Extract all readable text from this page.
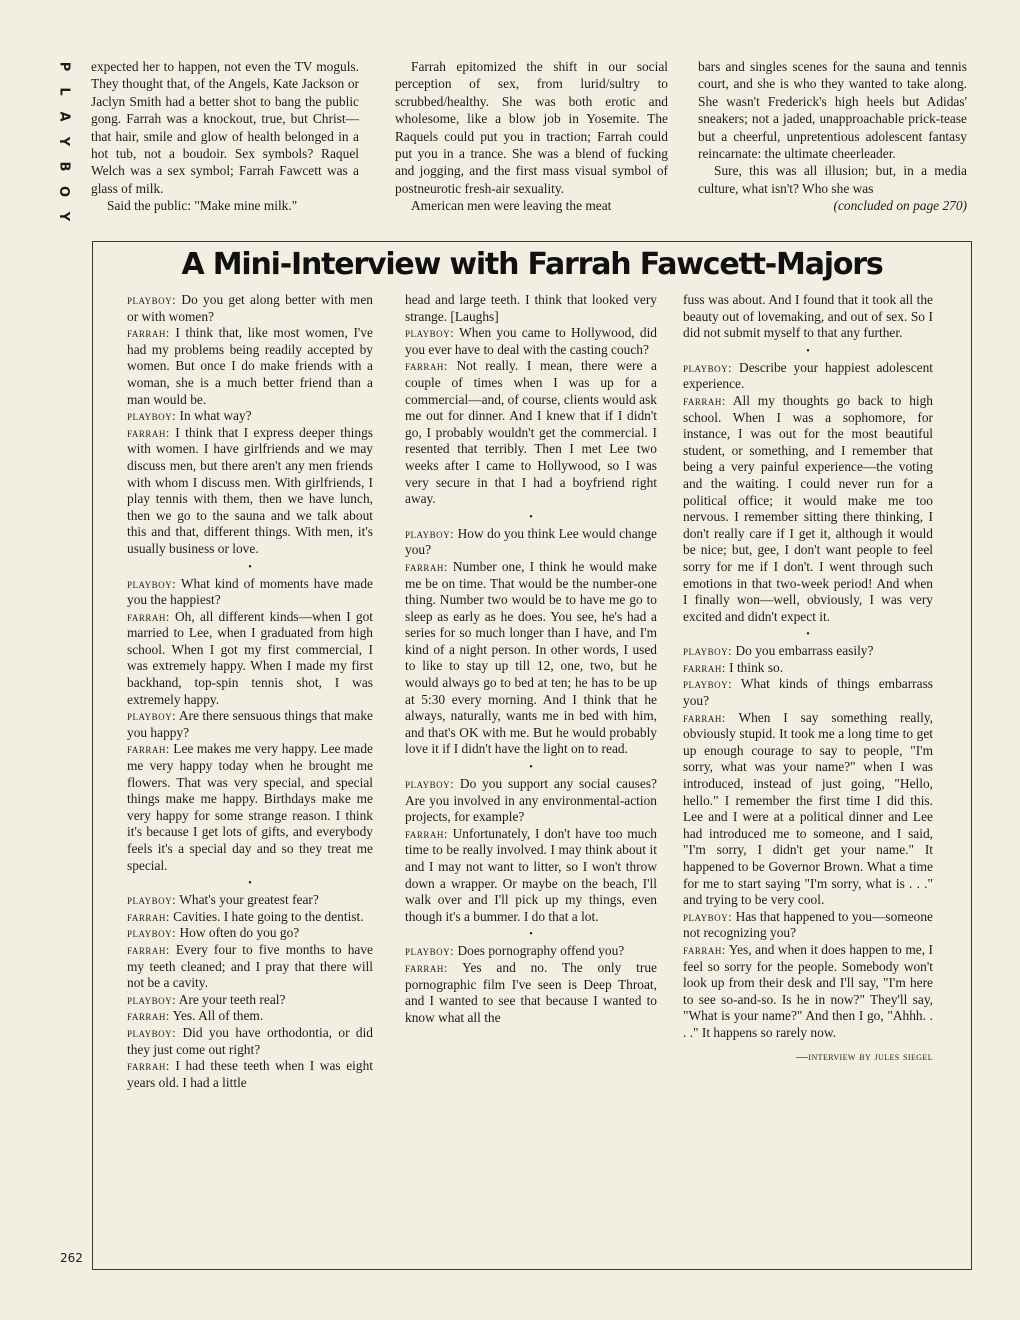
P
L
A
Y
B
O
Y

expected her to happen, not even the TV moguls. They thought that, of the Angels, Kate Jackson or Jaclyn Smith had a better shot to bang the public gong. Farrah was a knockout, true, but Christ—that hair, smile and glow of health belonged in a hot tub, not a boudoir. Sex symbols? Raquel Welch was a sex symbol; Farrah Fawcett was a glass of milk.

Said the public: "Make mine milk."

Farrah epitomized the shift in our social perception of sex, from lurid/sultry to scrubbed/healthy. She was both erotic and wholesome, like a blow job in Yosemite. The Raquels could put you in traction; Farrah could put you in a trance. She was a blend of fucking and jogging, and the first mass visual symbol of postneurotic fresh-air sexuality.

American men were leaving the meat

bars and singles scenes for the sauna and tennis court, and she is who they wanted to take along. She wasn't Frederick's high heels but Adidas' sneakers; not a jaded, unapproachable prick-tease but a cheerful, unpretentious adolescent fantasy reincarnate: the ultimate cheerleader.

Sure, this was all illusion; but, in a media culture, what isn't? Who she was

(concluded on page 270)

A Mini-Interview with Farrah Fawcett-Majors

playboy: Do you get along better with men or with women?

farrah: I think that, like most women, I've had my problems being readily accepted by women. But once I do make friends with a woman, she is a much better friend than a man would be.

playboy: In what way?

farrah: I think that I express deeper things with women. I have girlfriends and we may discuss men, but there aren't any men friends with whom I discuss men. With girlfriends, I play tennis with them, then we have lunch, then we go to the sauna and we talk about this and that, different things. With men, it's usually business or love.

•

playboy: What kind of moments have made you the happiest?

farrah: Oh, all different kinds—when I got married to Lee, when I graduated from high school. When I got my first commercial, I was extremely happy. When I made my first backhand, top-spin tennis shot, I was extremely happy.

playboy: Are there sensuous things that make you happy?

farrah: Lee makes me very happy. Lee made me very happy today when he brought me flowers. That was very special, and special things make me happy. Birthdays make me very happy for some strange reason. I think it's because I get lots of gifts, and everybody feels it's a special day and so they treat me special.

•

playboy: What's your greatest fear?

farrah: Cavities. I hate going to the dentist.

playboy: How often do you go?

farrah: Every four to five months to have my teeth cleaned; and I pray that there will not be a cavity.

playboy: Are your teeth real?

farrah: Yes. All of them.

playboy: Did you have orthodontia, or did they just come out right?

farrah: I had these teeth when I was eight years old. I had a little

head and large teeth. I think that looked very strange. [Laughs]

playboy: When you came to Hollywood, did you ever have to deal with the casting couch?

farrah: Not really. I mean, there were a couple of times when I was up for a commercial—and, of course, clients would ask me out for dinner. And I knew that if I didn't go, I probably wouldn't get the commercial. I resented that terribly. Then I met Lee two weeks after I came to Hollywood, so I was very secure in that I had a boyfriend right away.

•

playboy: How do you think Lee would change you?

farrah: Number one, I think he would make me be on time. That would be the number-one thing. Number two would be to have me go to sleep as early as he does. You see, he's had a series for so much longer than I have, and I'm kind of a night person. In other words, I used to like to stay up till 12, one, two, but he would always go to bed at ten; he has to be up at 5:30 every morning. And I think that he always, naturally, wants me in bed with him, and that's OK with me. But he would probably love it if I didn't have the light on to read.

•

playboy: Do you support any social causes? Are you involved in any environmental-action projects, for example?

farrah: Unfortunately, I don't have too much time to be really involved. I may think about it and I may not want to litter, so I won't throw down a wrapper. Or maybe on the beach, I'll walk over and I'll pick up my things, even though it's a bummer. I do that a lot.

•

playboy: Does pornography offend you?

farrah: Yes and no. The only true pornographic film I've seen is Deep Throat, and I wanted to see that because I wanted to know what all the

fuss was about. And I found that it took all the beauty out of lovemaking, and out of sex. So I did not submit myself to that any further.

•

playboy: Describe your happiest adolescent experience.

farrah: All my thoughts go back to high school. When I was a sophomore, for instance, I was out for the most beautiful student, or something, and I remember that being a very painful experience—the voting and the waiting. I could never run for a political office; it would make me too nervous. I remember sitting there thinking, I don't really care if I get it, although it would be nice; but, gee, I don't want people to feel sorry for me if I don't. I went through such emotions in that two-week period! And when I finally won—well, obviously, I was very excited and didn't expect it.

•

playboy: Do you embarrass easily?

farrah: I think so.

playboy: What kinds of things embarrass you?

farrah: When I say something really, obviously stupid. It took me a long time to get up enough courage to say to people, "I'm sorry, what was your name?" when I was introduced, instead of just going, "Hello, hello." I remember the first time I did this. Lee and I were at a political dinner and Lee had introduced me to someone, and I said, "I'm sorry, I didn't get your name." It happened to be Governor Brown. What a time for me to start saying "I'm sorry, what is . . ." and trying to be very cool.

playboy: Has that happened to you—someone not recognizing you?

farrah: Yes, and when it does happen to me, I feel so sorry for the people. Somebody won't look up from their desk and I'll say, "I'm here to see so-and-so. Is he in now?" They'll say, "What is your name?" And then I go, "Ahhh. . . ." It happens so rarely now.

—interview by jules siegel
262
